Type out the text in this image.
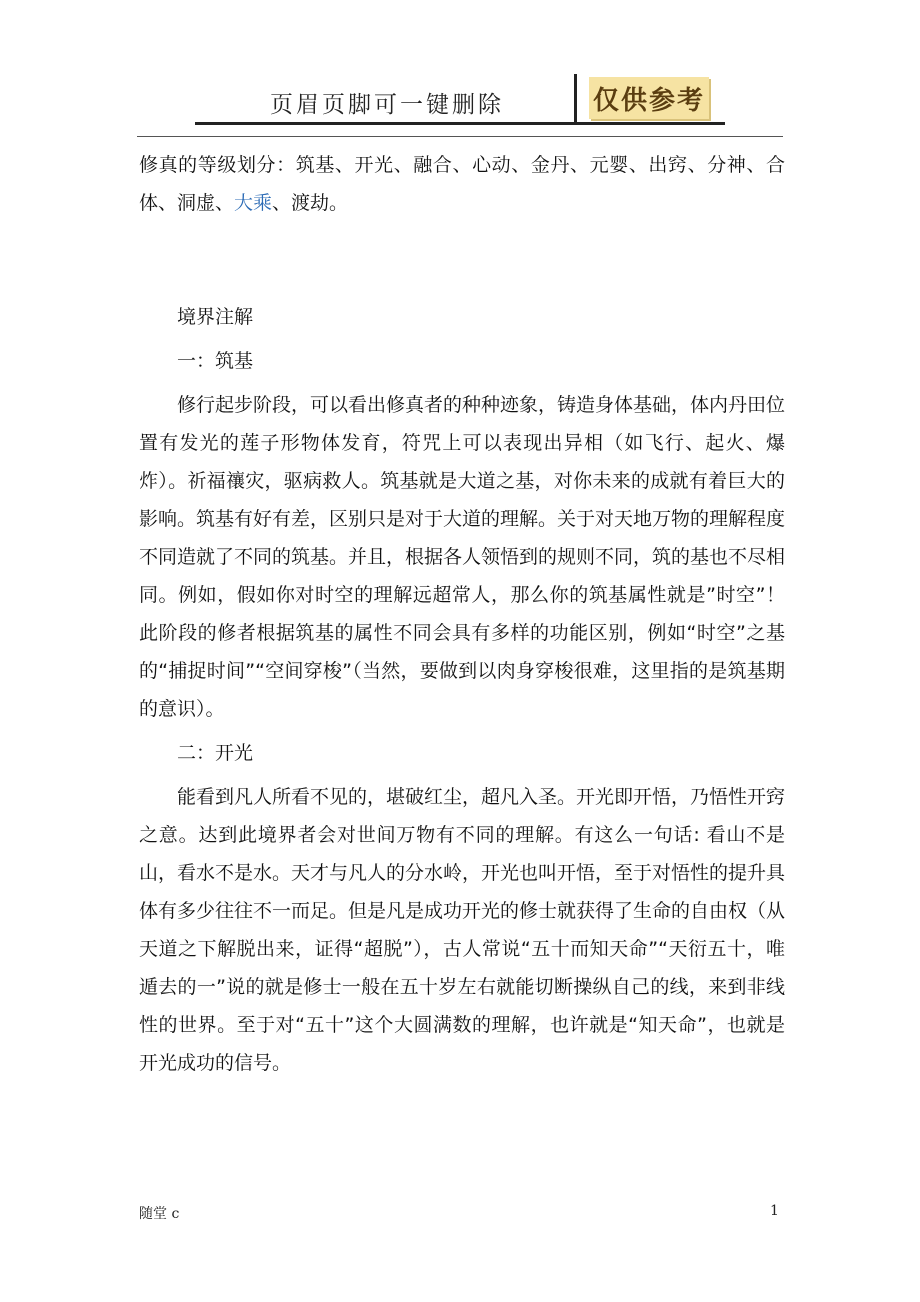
页眉页脚可一键删除	仅供参考

修真的等级划分：筑基、开光、融合、心动、金丹、元婴、出窍、分神、合体、洞虚、大乘、渡劫。

境界注解

一：筑基

修行起步阶段，可以看出修真者的种种迹象，铸造身体基础，体内丹田位置有发光的莲子形物体发育，符咒上可以表现出异相（如飞行、起火、爆炸）。祈福禳灾，驱病救人。筑基就是大道之基，对你未来的成就有着巨大的影响。筑基有好有差，区别只是对于大道的理解。关于对天地万物的理解程度不同造就了不同的筑基。并且，根据各人领悟到的规则不同，筑的基也不尽相同。例如，假如你对时空的理解远超常人，那么你的筑基属性就是”时空”！此阶段的修者根据筑基的属性不同会具有多样的功能区别，例如“时空”之基的“捕捉时间”“空间穿梭”（当然，要做到以肉身穿梭很难，这里指的是筑基期的意识）。

二：开光

能看到凡人所看不见的，堪破红尘，超凡入圣。开光即开悟，乃悟性开窍之意。达到此境界者会对世间万物有不同的理解。有这么一句话: 看山不是山，看水不是水。天才与凡人的分水岭，开光也叫开悟，至于对悟性的提升具体有多少往往不一而足。但是凡是成功开光的修士就获得了生命的自由权（从天道之下解脱出来，证得“超脱”），古人常说“五十而知天命”“天衍五十，唯遁去的一”说的就是修士一般在五十岁左右就能切断操纵自己的线，来到非线性的世界。至于对“五十”这个大圆满数的理解，也许就是“知天命”，也就是开光成功的信号。

随堂 c	1
